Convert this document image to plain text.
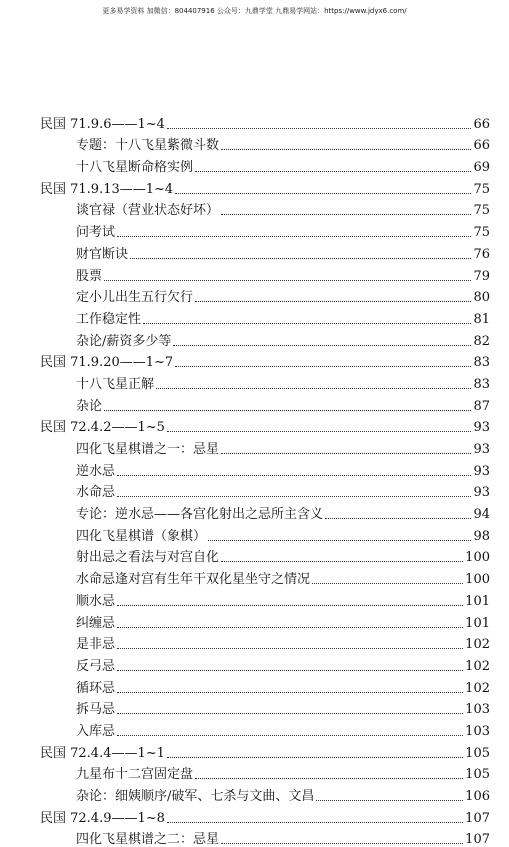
更多易学资料 加微信：804407916 公众号：九鼎学堂 九鼎易学网站：https://www.jdyx6.com/
民国 71.9.6——1~4	66
专题：十八飞星紫微斗数	66
十八飞星断命格实例	69
民国 71.9.13——1~4	75
谈官禄（营业状态好坏）	75
问考试	75
财官断诀	76
股票	79
定小儿出生五行欠行	80
工作稳定性	81
杂论/薪资多少等	82
民国 71.9.20——1~7	83
十八飞星正解	83
杂论	87
民国 72.4.2——1~5	93
四化飞星棋谱之一：忌星	93
逆水忌	93
水命忌	93
专论：逆水忌——各宫化射出之忌所主含义	94
四化飞星棋谱（象棋）	98
射出忌之看法与对宫自化	100
水命忌逢对宫有生年干双化星坐守之情况	100
顺水忌	101
纠缠忌	101
是非忌	102
反弓忌	102
循环忌	102
拆马忌	103
入库忌	103
民国 72.4.4——1~1	105
九星布十二宫固定盘	105
杂论：细姨顺序/破军、七杀与文曲、文昌	106
民国 72.4.9——1~8	107
四化飞星棋谱之二：忌星	107
